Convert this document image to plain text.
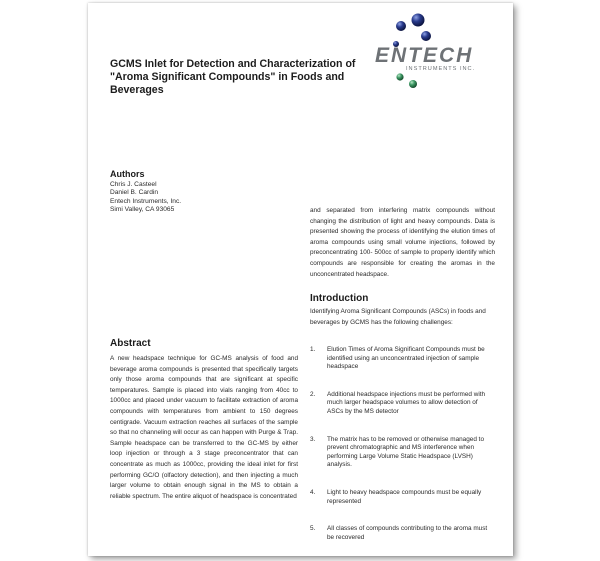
GCMS Inlet for Detection and Characterization of "Aroma Significant Compounds" in Foods and Beverages
ENTECH
INSTRUMENTS INC.
Authors
Chris J. Casteel
Daniel B. Cardin
Entech Instruments, Inc.
Simi Valley, CA 93065
Abstract
A new headspace technique for GC-MS analysis of food and beverage aroma compounds is presented that specifically targets only those aroma compounds that are significant at specific temperatures. Sample is placed into vials ranging from 40cc to 1000cc and placed under vacuum to facilitate extraction of aroma compounds with temperatures from ambient to 150 degrees centigrade. Vacuum extraction reaches all surfaces of the sample so that no channeling will occur as can happen with Purge & Trap. Sample headspace can be transferred to the GC-MS by either loop injection or through a 3 stage preconcentrator that can concentrate as much as 1000cc, providing the ideal inlet for first performing GC/O (olfactory detection), and then injecting a much larger volume to obtain enough signal in the MS to obtain a reliable spectrum. The entire aliquot of headspace is concentrated
and separated from interfering matrix compounds without changing the distribution of light and heavy compounds. Data is presented showing the process of identifying the elution times of aroma compounds using small volume injections, followed by preconcentrating 100- 500cc of sample to properly identify which compounds are responsible for creating the aromas in the unconcentrated headspace.
Introduction
Identifying Aroma Significant Compounds (ASCs) in foods and beverages by GCMS has the following challenges:
1.	Elution Times of Aroma Significant Compounds must be identified using an unconcentrated injection of sample headspace
2.	Additional headspace injections must be performed with much larger headspace volumes to allow detection of ASCs by the MS detector
3.	The matrix has to be removed or otherwise managed to prevent chromatographic and MS interference when performing Large Volume Static Headspace (LVSH) analysis.
4.	Light to heavy headspace compounds must be equally represented
5.	All classes of compounds contributing to the aroma must be recovered
